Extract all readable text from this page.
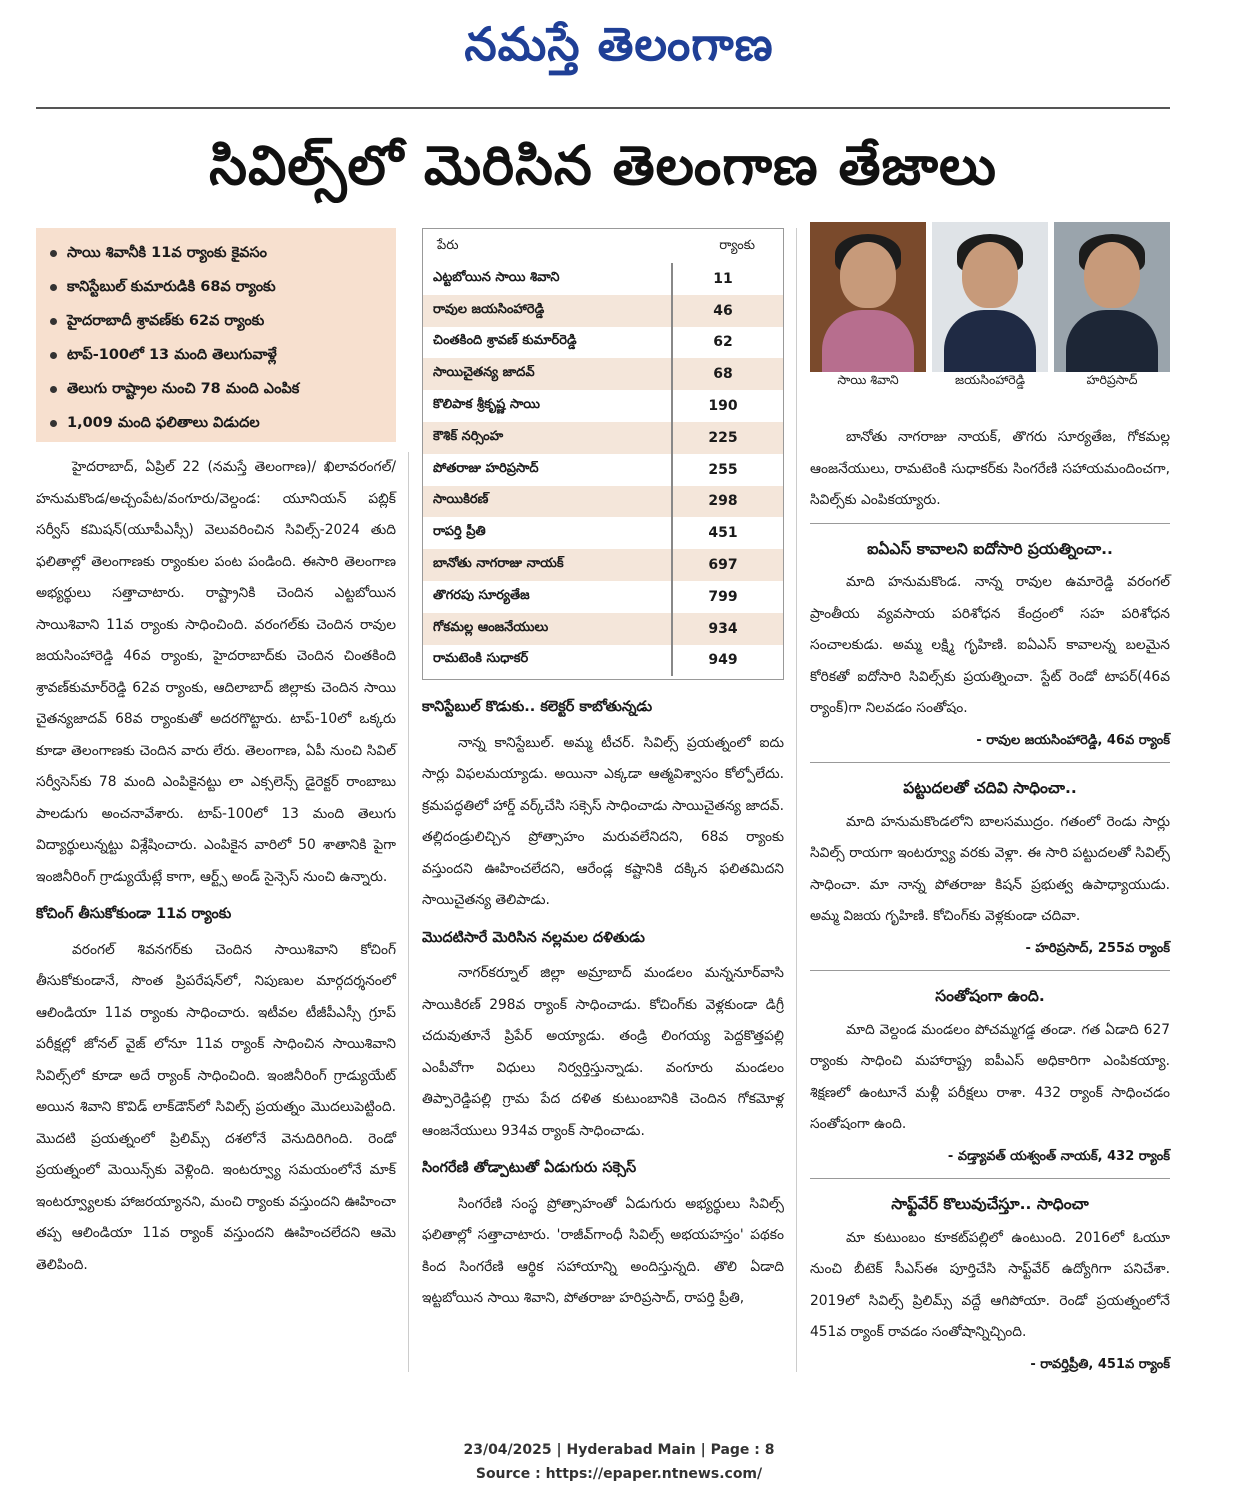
నమస్తే తెలంగాణ
సివిల్స్‌లో మెరిసిన తెలంగాణ తేజాలు
సాయి శివానీకి 11వ ర్యాంకు కైవసం
కానిస్టేబుల్ కుమారుడికి 68వ ర్యాంకు
హైదరాబాదీ శ్రావణ్‌కు 62వ ర్యాంకు
టాప్-100లో 13 మంది తెలుగువాళ్లే
తెలుగు రాష్ట్రాల నుంచి 78 మంది ఎంపిక
1,009 మంది ఫలితాలు విడుదల
పేరు	ర్యాంకు
ఎట్టబోయిన సాయి శివాని	11
రావుల జయసింహారెడ్డి	46
చింతకింది శ్రావణ్ కుమార్‌రెడ్డి	62
సాయిచైతన్య జాదవ్	68
కొలిపాక శ్రీకృష్ణ సాయి	190
కౌశిక్ నర్సింహ	225
పోతరాజు హరిప్రసాద్	255
సాయికిరణ్	298
రాపర్తి ప్రీతి	451
బానోతు నాగరాజు నాయక్	697
తొగరపు సూర్యతేజ	799
గోకమల్ల ఆంజనేయులు	934
రామటెంకి సుధాకర్	949
సాయి శివాని	జయసింహారెడ్డి	హరిప్రసాద్

హైదరాబాద్, ఏప్రిల్ 22 (నమస్తే తెలంగాణ)/ ఖిలావరంగల్/హనుమకొండ/అచ్చంపేట/వంగూరు/వెల్దండ: యూనియన్ పబ్లిక్ సర్వీస్ కమిషన్(యూపీఎస్సీ) వెలువరించిన సివిల్స్-2024 తుది ఫలితాల్లో తెలంగాణకు ర్యాంకుల పంట పండింది. ఈసారి తెలంగాణ అభ్యర్థులు సత్తాచాటారు. రాష్ట్రానికి చెందిన ఎట్టబోయిన సాయిశివాని 11వ ర్యాంకు సాధించింది. వరంగల్‌కు చెందిన రావుల జయసింహారెడ్డి 46వ ర్యాంకు, హైదరాబాద్‌కు చెందిన చింతకింది శ్రావణ్‌కుమార్‌రెడ్డి 62వ ర్యాంకు, ఆదిలాబాద్ జిల్లాకు చెందిన సాయి చైతన్యజాదవ్ 68వ ర్యాంకుతో అదరగొట్టారు. టాప్-10లో ఒక్కరు కూడా తెలంగాణకు చెందిన వారు లేరు. తెలంగాణ, ఏపీ నుంచి సివిల్ సర్వీసెస్‌కు 78 మంది ఎంపికైనట్టు లా ఎక్సలెన్స్ డైరెక్టర్ రాంబాబు పాలడుగు అంచనావేశారు. టాప్-100లో 13 మంది తెలుగు విద్యార్థులున్నట్టు విశ్లేషించారు. ఎంపికైన వారిలో 50 శాతానికి పైగా ఇంజినీరింగ్ గ్రాడ్యుయేట్లే కాగా, ఆర్ట్స్ అండ్ సైన్సెస్ నుంచి ఉన్నారు.

కోచింగ్ తీసుకోకుండా 11వ ర్యాంకు

వరంగల్ శివనగర్‌కు చెందిన సాయిశివాని కోచింగ్ తీసుకోకుండానే, సొంత ప్రిపరేషన్‌లో, నిపుణుల మార్గదర్శనంలో ఆలిండియా 11వ ర్యాంకు సాధించారు. ఇటీవల టీజీపీఎస్సీ గ్రూప్ పరీక్షల్లో జోనల్ వైజ్ లోనూ 11వ ర్యాంక్ సాధించిన సాయిశివాని సివిల్స్‌లో కూడా అదే ర్యాంక్ సాధించింది. ఇంజినీరింగ్ గ్రాడ్యుయేట్ అయిన శివాని కొవిడ్ లాక్‌డౌన్‌లో సివిల్స్ ప్రయత్నం మొదలుపెట్టింది. మొదటి ప్రయత్నంలో ప్రిలిమ్స్ దశలోనే వెనుదిరిగింది. రెండో ప్రయత్నంలో మెయిన్స్‌కు వెళ్లింది. ఇంటర్వ్యూ సమయంలోనే మాక్ ఇంటర్వ్యూలకు హాజరయ్యానని, మంచి ర్యాంకు వస్తుందని ఊహించా తప్ప ఆలిండియా 11వ ర్యాంక్ వస్తుందని ఊహించలేదని ఆమె తెలిపింది.

కానిస్టేబుల్ కొడుకు.. కలెక్టర్ కాబోతున్నడు

నాన్న కానిస్టేబుల్. అమ్మ టీచర్. సివిల్స్ ప్రయత్నంలో ఐదు సార్లు విఫలమయ్యాడు. అయినా ఎక్కడా ఆత్మవిశ్వాసం కోల్పోలేదు. క్రమపద్ధతిలో హార్డ్ వర్క్‌చేసి సక్సెస్ సాధించాడు సాయిచైతన్య జాదవ్. తల్లిదండ్రులిచ్చిన ప్రోత్సాహం మరువలేనిదని, 68వ ర్యాంకు వస్తుందని ఊహించలేదని, ఆరేండ్ల కష్టానికి దక్కిన ఫలితమిదని సాయిచైతన్య తెలిపాడు.

మొదటిసారే మెరిసిన నల్లమల దళితుడు

నాగర్‌కర్నూల్ జిల్లా అమ్రాబాద్ మండలం మన్ననూర్‌వాసి సాయికిరణ్ 298వ ర్యాంక్ సాధించాడు. కోచింగ్‌కు వెళ్లకుండా డిగ్రీ చదువుతూనే ప్రిపేర్ అయ్యాడు. తండ్రి లింగయ్య పెద్దకొత్తపల్లి ఎంపీవోగా విధులు నిర్వర్తిస్తున్నాడు. వంగూరు మండలం తిప్పారెడ్డిపల్లి గ్రామ పేద దళిత కుటుంబానికి చెందిన గోకమోళ్ల ఆంజనేయులు 934వ ర్యాంక్ సాధించాడు.

సింగరేణి తోడ్పాటుతో ఏడుగురు సక్సెస్

సింగరేణి సంస్థ ప్రోత్సాహంతో ఏడుగురు అభ్యర్థులు సివిల్స్ ఫలితాల్లో సత్తాచాటారు. 'రాజీవ్‌గాంధీ సివిల్స్ అభయహస్తం' పథకం కింద సింగరేణి ఆర్థిక సహాయాన్ని అందిస్తున్నది. తొలి ఏడాది ఇట్టబోయిన సాయి శివాని, పోతరాజు హరిప్రసాద్, రాపర్తి ప్రీతి,

బానోతు నాగరాజు నాయక్, తొగరు సూర్యతేజ, గోకమల్ల ఆంజనేయులు, రామటెంకి సుధాకర్‌కు సింగరేణి సహాయమందించగా, సివిల్స్‌కు ఎంపికయ్యారు.

ఐఏఎస్ కావాలని ఐదోసారి ప్రయత్నించా..

మాది హనుమకొండ. నాన్న రావుల ఉమారెడ్డి వరంగల్ ప్రాంతీయ వ్యవసాయ పరిశోధన కేంద్రంలో సహ పరిశోధన సంచాలకుడు. అమ్మ లక్ష్మి గృహిణి. ఐఏఎస్ కావాలన్న బలమైన కోరికతో ఐదోసారి సివిల్స్‌కు ప్రయత్నించా. స్టేట్ రెండో టాపర్(46వ ర్యాంక్)గా నిలవడం సంతోషం.

- రావుల జయసింహారెడ్డి, 46వ ర్యాంక్

పట్టుదలతో చదివి సాధించా..

మాది హనుమకొండలోని బాలసముద్రం. గతంలో రెండు సార్లు సివిల్స్ రాయగా ఇంటర్వ్యూ వరకు వెళ్లా. ఈ సారి పట్టుదలతో సివిల్స్ సాధించా. మా నాన్న పోతరాజు కిషన్ ప్రభుత్వ ఉపాధ్యాయుడు. అమ్మ విజయ గృహిణి. కోచింగ్‌కు వెళ్లకుండా చదివా.

- హరిప్రసాద్, 255వ ర్యాంక్

సంతోషంగా ఉంది.

మాది వెల్దండ మండలం పోచమ్మగడ్డ తండా. గత ఏడాది 627 ర్యాంకు సాధించి మహారాష్ట్ర ఐపీఎస్ అధికారిగా ఎంపికయ్యా. శిక్షణలో ఉంటూనే మళ్లీ పరీక్షలు రాశా. 432 ర్యాంక్ సాధించడం సంతోషంగా ఉంది.

- వడ్త్యావత్ యశ్వంత్ నాయక్, 432 ర్యాంక్

సాఫ్ట్‌వేర్ కొలువుచేస్తూ.. సాధించా

మా కుటుంబం కూకట్‌పల్లిలో ఉంటుంది. 2016లో ఓయూ నుంచి బీటెక్ సీఎస్‌ఈ పూర్తిచేసి సాఫ్ట్‌వేర్ ఉద్యోగిగా పనిచేశా. 2019లో సివిల్స్ ప్రిలిమ్స్ వద్దే ఆగిపోయా. రెండో ప్రయత్నంలోనే 451వ ర్యాంక్ రావడం సంతోషాన్నిచ్చింది.

- రావర్తిప్రీతి, 451వ ర్యాంక్

23/04/2025 | Hyderabad Main | Page : 8
Source : https://epaper.ntnews.com/
